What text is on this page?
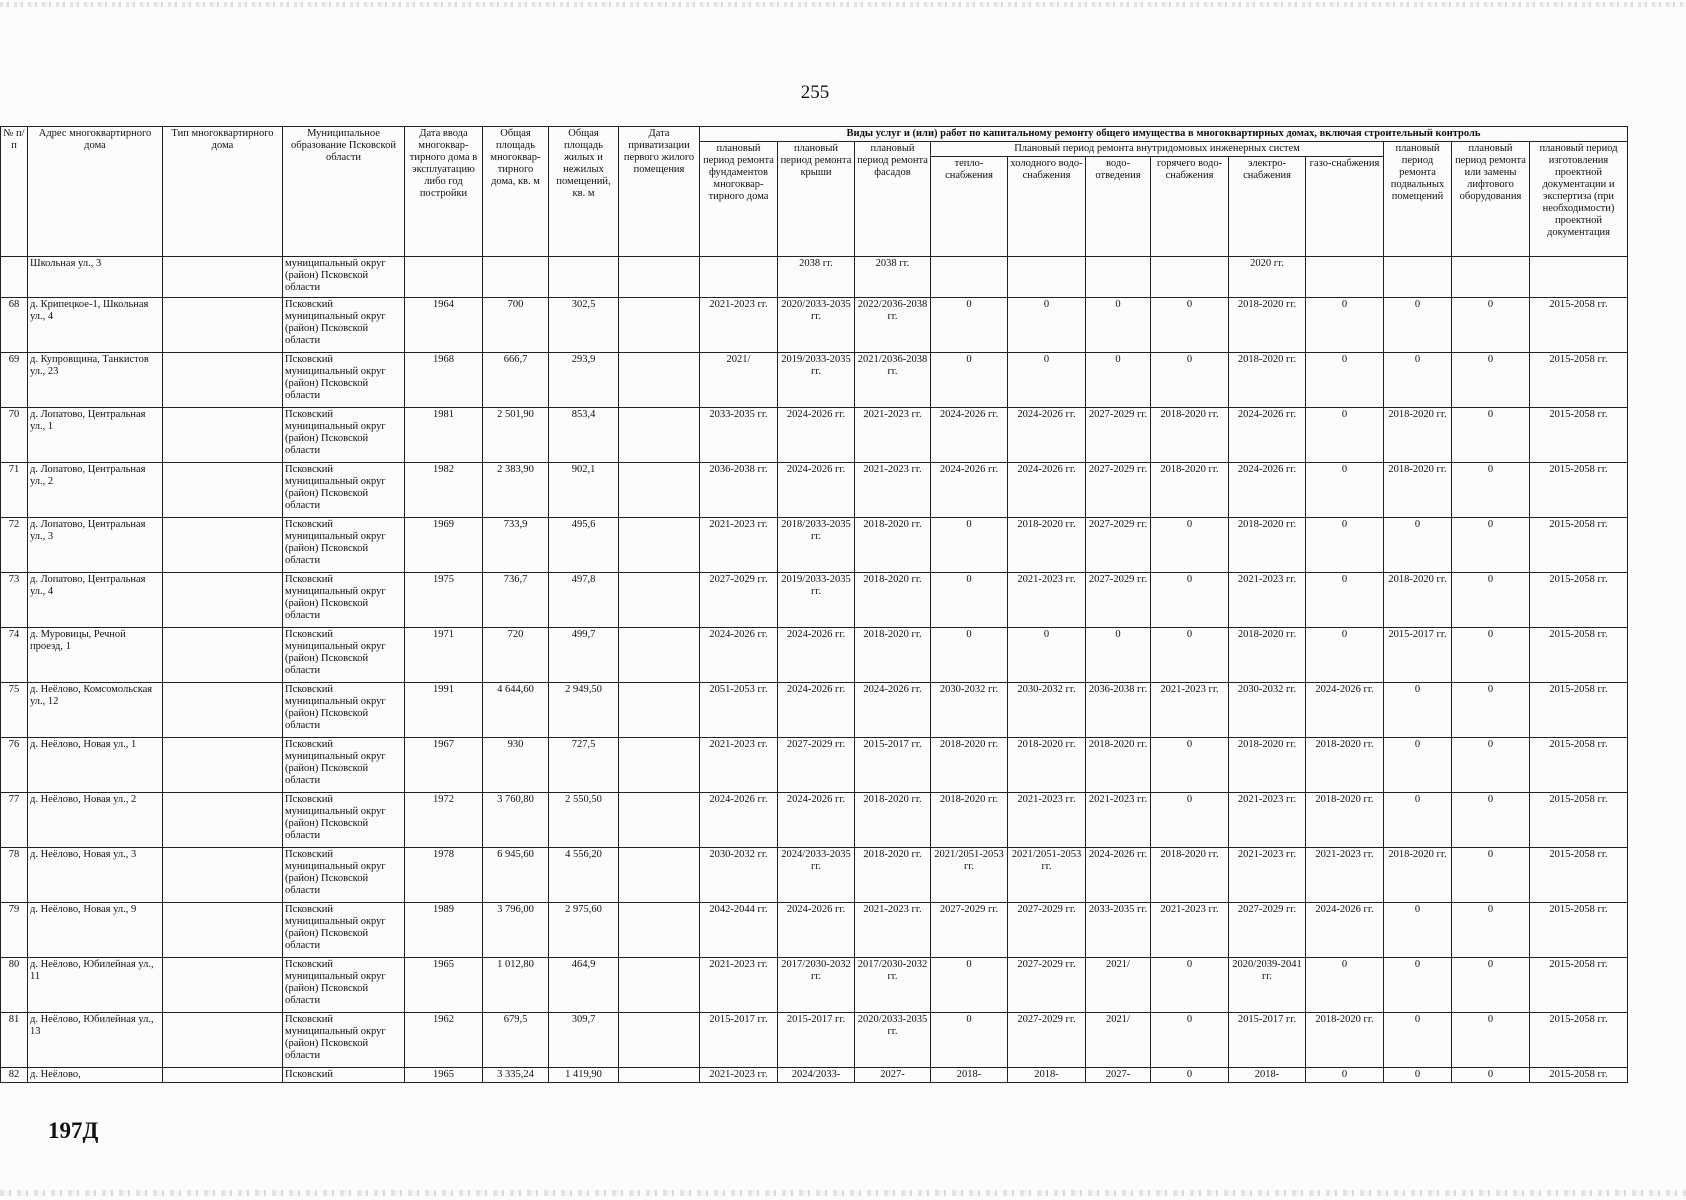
255
№ п/п	Адрес многоквартирного дома	Тип многоквартирного дома	Муниципальное образование Псковской области	Дата ввода многоквар-тирного дома в эксплуатацию либо год постройки	Общая площадь многоквар-тирного дома, кв. м	Общая площадь жилых и нежилых помещений, кв. м	Дата приватизации первого жилого помещения	Виды услуг и (или) работ по капитальному ремонту общего имущества в многоквартирных домах, включая строительный контроль											
								плановый период ремонта фундаментов многоквар-тирного дома	плановый период ремонта крыши	плановый период ремонта фасадов	Плановый период ремонта внутридомовых инженерных систем						плановый период ремонта подвальных помещений	плановый период ремонта или замены лифтового оборудования	плановый период изготовления проектной документации и экспертиза (при необходимости) проектной документация
											тепло-снабжения	холодного водо-снабжения	водо-отведения	горячего водо-снабжения	электро-снабжения	газо-снабжения			
	Школьная ул., 3		муниципальный округ (район) Псковской области						2038 гг.	2038 гг.					2020 гг.				
68	д. Крипецкое-1, Школьная ул., 4		Псковский муниципальный округ (район) Псковской области	1964	700	302,5		2021-2023 гг.	2020/2033-2035 гг.	2022/2036-2038 гг.	0	0	0	0	2018-2020 гг.	0	0	0	2015-2058 гг.
69	д. Купровщина, Танкистов ул., 23		Псковский муниципальный округ (район) Псковской области	1968	666,7	293,9		2021/	2019/2033-2035 гг.	2021/2036-2038 гг.	0	0	0	0	2018-2020 гг.	0	0	0	2015-2058 гг.
70	д. Лопатово, Центральная ул., 1		Псковский муниципальный округ (район) Псковской области	1981	2 501,90	853,4		2033-2035 гг.	2024-2026 гг.	2021-2023 гг.	2024-2026 гг.	2024-2026 гг.	2027-2029 гг.	2018-2020 гг.	2024-2026 гг.	0	2018-2020 гг.	0	2015-2058 гг.
71	д. Лопатово, Центральная ул., 2		Псковский муниципальный округ (район) Псковской области	1982	2 383,90	902,1		2036-2038 гг.	2024-2026 гг.	2021-2023 гг.	2024-2026 гг.	2024-2026 гг.	2027-2029 гг.	2018-2020 гг.	2024-2026 гг.	0	2018-2020 гг.	0	2015-2058 гг.
72	д. Лопатово, Центральная ул., 3		Псковский муниципальный округ (район) Псковской области	1969	733,9	495,6		2021-2023 гг.	2018/2033-2035 гг.	2018-2020 гг.	0	2018-2020 гг.	2027-2029 гг.	0	2018-2020 гг.	0	0	0	2015-2058 гг.
73	д. Лопатово, Центральная ул., 4		Псковский муниципальный округ (район) Псковской области	1975	736,7	497,8		2027-2029 гг.	2019/2033-2035 гг.	2018-2020 гг.	0	2021-2023 гг.	2027-2029 гг.	0	2021-2023 гг.	0	2018-2020 гг.	0	2015-2058 гг.
74	д. Муровицы, Речной проезд, 1		Псковский муниципальный округ (район) Псковской области	1971	720	499,7		2024-2026 гг.	2024-2026 гг.	2018-2020 гг.	0	0	0	0	2018-2020 гг.	0	2015-2017 гг.	0	2015-2058 гг.
75	д. Неёлово, Комсомольская ул., 12		Псковский муниципальный округ (район) Псковской области	1991	4 644,60	2 949,50		2051-2053 гг.	2024-2026 гг.	2024-2026 гг.	2030-2032 гг.	2030-2032 гг.	2036-2038 гг.	2021-2023 гг.	2030-2032 гг.	2024-2026 гг.	0	0	2015-2058 гг.
76	д. Неёлово, Новая ул., 1		Псковский муниципальный округ (район) Псковской области	1967	930	727,5		2021-2023 гг.	2027-2029 гг.	2015-2017 гг.	2018-2020 гг.	2018-2020 гг.	2018-2020 гг.	0	2018-2020 гг.	2018-2020 гг.	0	0	2015-2058 гг.
77	д. Неёлово, Новая ул., 2		Псковский муниципальный округ (район) Псковской области	1972	3 760,80	2 550,50		2024-2026 гг.	2024-2026 гг.	2018-2020 гг.	2018-2020 гг.	2021-2023 гг.	2021-2023 гг.	0	2021-2023 гг.	2018-2020 гг.	0	0	2015-2058 гг.
78	д. Неёлово, Новая ул., 3		Псковский муниципальный округ (район) Псковской области	1978	6 945,60	4 556,20		2030-2032 гг.	2024/2033-2035 гг.	2018-2020 гг.	2021/2051-2053 гг.	2021/2051-2053 гг.	2024-2026 гг.	2018-2020 гг.	2021-2023 гг.	2021-2023 гг.	2018-2020 гг.	0	2015-2058 гг.
79	д. Неёлово, Новая ул., 9		Псковский муниципальный округ (район) Псковской области	1989	3 796,00	2 975,60		2042-2044 гг.	2024-2026 гг.	2021-2023 гг.	2027-2029 гг.	2027-2029 гг.	2033-2035 гг.	2021-2023 гг.	2027-2029 гг.	2024-2026 гг.	0	0	2015-2058 гг.
80	д. Неёлово, Юбилейная ул., 11		Псковский муниципальный округ (район) Псковской области	1965	1 012,80	464,9		2021-2023 гг.	2017/2030-2032 гг.	2017/2030-2032 гг.	0	2027-2029 гг.	2021/	0	2020/2039-2041 гг.	0	0	0	2015-2058 гг.
81	д. Неёлово, Юбилейная ул., 13		Псковский муниципальный округ (район) Псковской области	1962	679,5	309,7		2015-2017 гг.	2015-2017 гг.	2020/2033-2035 гг.	0	2027-2029 гг.	2021/	0	2015-2017 гг.	2018-2020 гг.	0	0	2015-2058 гг.
82	д. Неёлово,		Псковский	1965	3 335,24	1 419,90		2021-2023 гг.	2024/2033-	2027-	2018-	2018-	2027-	0	2018-	0	0	0	2015-2058 гг.
197Д
